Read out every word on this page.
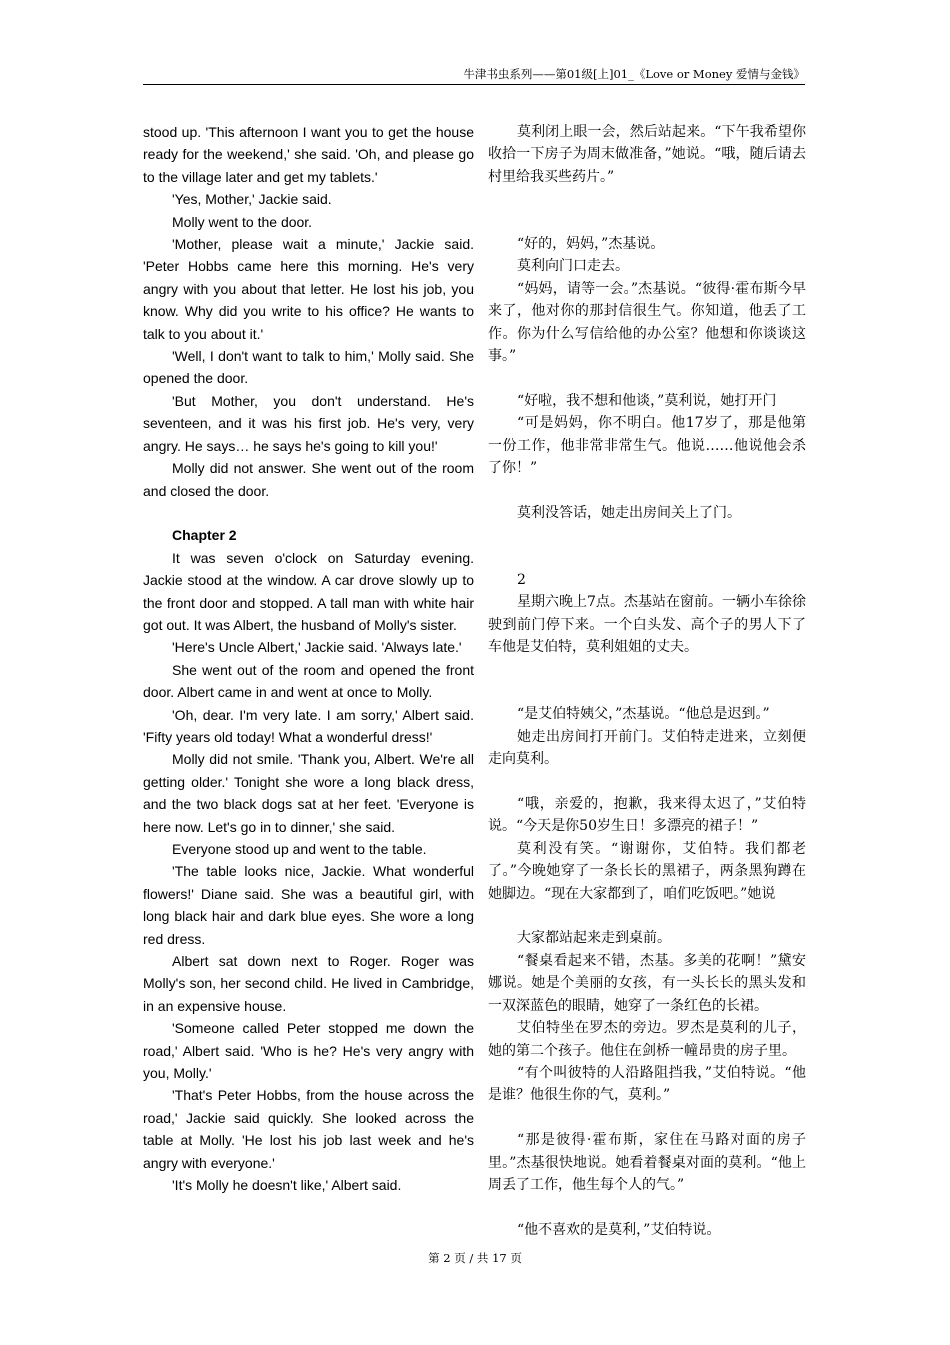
牛津书虫系列——第01级[上]01_《Love or Money 爱情与金钱》

stood up. 'This afternoon I want you to get the house ready for the weekend,' she said. 'Oh, and please go to the village later and get my tablets.'

'Yes, Mother,' Jackie said.

Molly went to the door.

'Mother, please wait a minute,' Jackie said. 'Peter Hobbs came here this morning. He's very angry with you about that letter. He lost his job, you know. Why did you write to his office? He wants to talk to you about it.'

'Well, I don't want to talk to him,' Molly said. She opened the door.

'But Mother, you don't understand. He's seventeen, and it was his first job. He's very, very angry. He says… he says he's going to kill you!'

Molly did not answer. She went out of the room and closed the door.

Chapter 2

It was seven o'clock on Saturday evening. Jackie stood at the window. A car drove slowly up to the front door and stopped. A tall man with white hair got out. It was Albert, the husband of Molly's sister.

'Here's Uncle Albert,' Jackie said. 'Always late.'

She went out of the room and opened the front door. Albert came in and went at once to Molly.

'Oh, dear. I'm very late. I am sorry,' Albert said. 'Fifty years old today! What a wonderful dress!'

Molly did not smile. 'Thank you, Albert. We're all getting older.' Tonight she wore a long black dress, and the two black dogs sat at her feet. 'Everyone is here now. Let's go in to dinner,' she said.

Everyone stood up and went to the table.

'The table looks nice, Jackie. What wonderful flowers!' Diane said. She was a beautiful girl, with long black hair and dark blue eyes. She wore a long red dress.

Albert sat down next to Roger. Roger was Molly's son, her second child. He lived in Cambridge, in an expensive house.

'Someone called Peter stopped me down the road,' Albert said. 'Who is he? He's very angry with you, Molly.'

'That's Peter Hobbs, from the house across the road,' Jackie said quickly. She looked across the table at Molly. 'He lost his job last week and he's angry with everyone.'

'It's Molly he doesn't like,' Albert said.

莫利闭上眼一会，然后站起来。“下午我希望你收拾一下房子为周末做准备，”她说。“哦，随后请去村里给我买些药片。”

“好的，妈妈，”杰基说。

莫利向门口走去。

“妈妈，请等一会。”杰基说。“彼得·霍布斯今早来了，他对你的那封信很生气。你知道，他丢了工作。你为什么写信给他的办公室？他想和你谈谈这事。”

“好啦，我不想和他谈，”莫利说，她打开门

“可是妈妈，你不明白。他17岁了，那是他第一份工作，他非常非常生气。他说……他说他会杀了你！”

莫利没答话，她走出房间关上了门。

2

星期六晚上7点。杰基站在窗前。一辆小车徐徐驶到前门停下来。一个白头发、高个子的男人下了车他是艾伯特，莫利姐姐的丈夫。

“是艾伯特姨父，”杰基说。“他总是迟到。”

她走出房间打开前门。艾伯特走进来，立刻便走向莫利。

“哦，亲爱的，抱歉，我来得太迟了，”艾伯特说。“今天是你50岁生日！多漂亮的裙子！”

莫利没有笑。“谢谢你，艾伯特。我们都老了。”今晚她穿了一条长长的黑裙子，两条黑狗蹲在她脚边。“现在大家都到了，咱们吃饭吧。”她说

大家都站起来走到桌前。

“餐桌看起来不错，杰基。多美的花啊！”黛安娜说。她是个美丽的女孩，有一头长长的黑头发和一双深蓝色的眼睛，她穿了一条红色的长裙。

艾伯特坐在罗杰的旁边。罗杰是莫利的儿子，她的第二个孩子。他住在剑桥一幢昂贵的房子里。

“有个叫彼特的人沿路阻挡我，”艾伯特说。“他是谁？他很生你的气，莫利。”

“那是彼得·霍布斯，家住在马路对面的房子里。”杰基很快地说。她看着餐桌对面的莫利。“他上周丢了工作，他生每个人的气。”

“他不喜欢的是莫利，”艾伯特说。

第 2 页 / 共 17 页
